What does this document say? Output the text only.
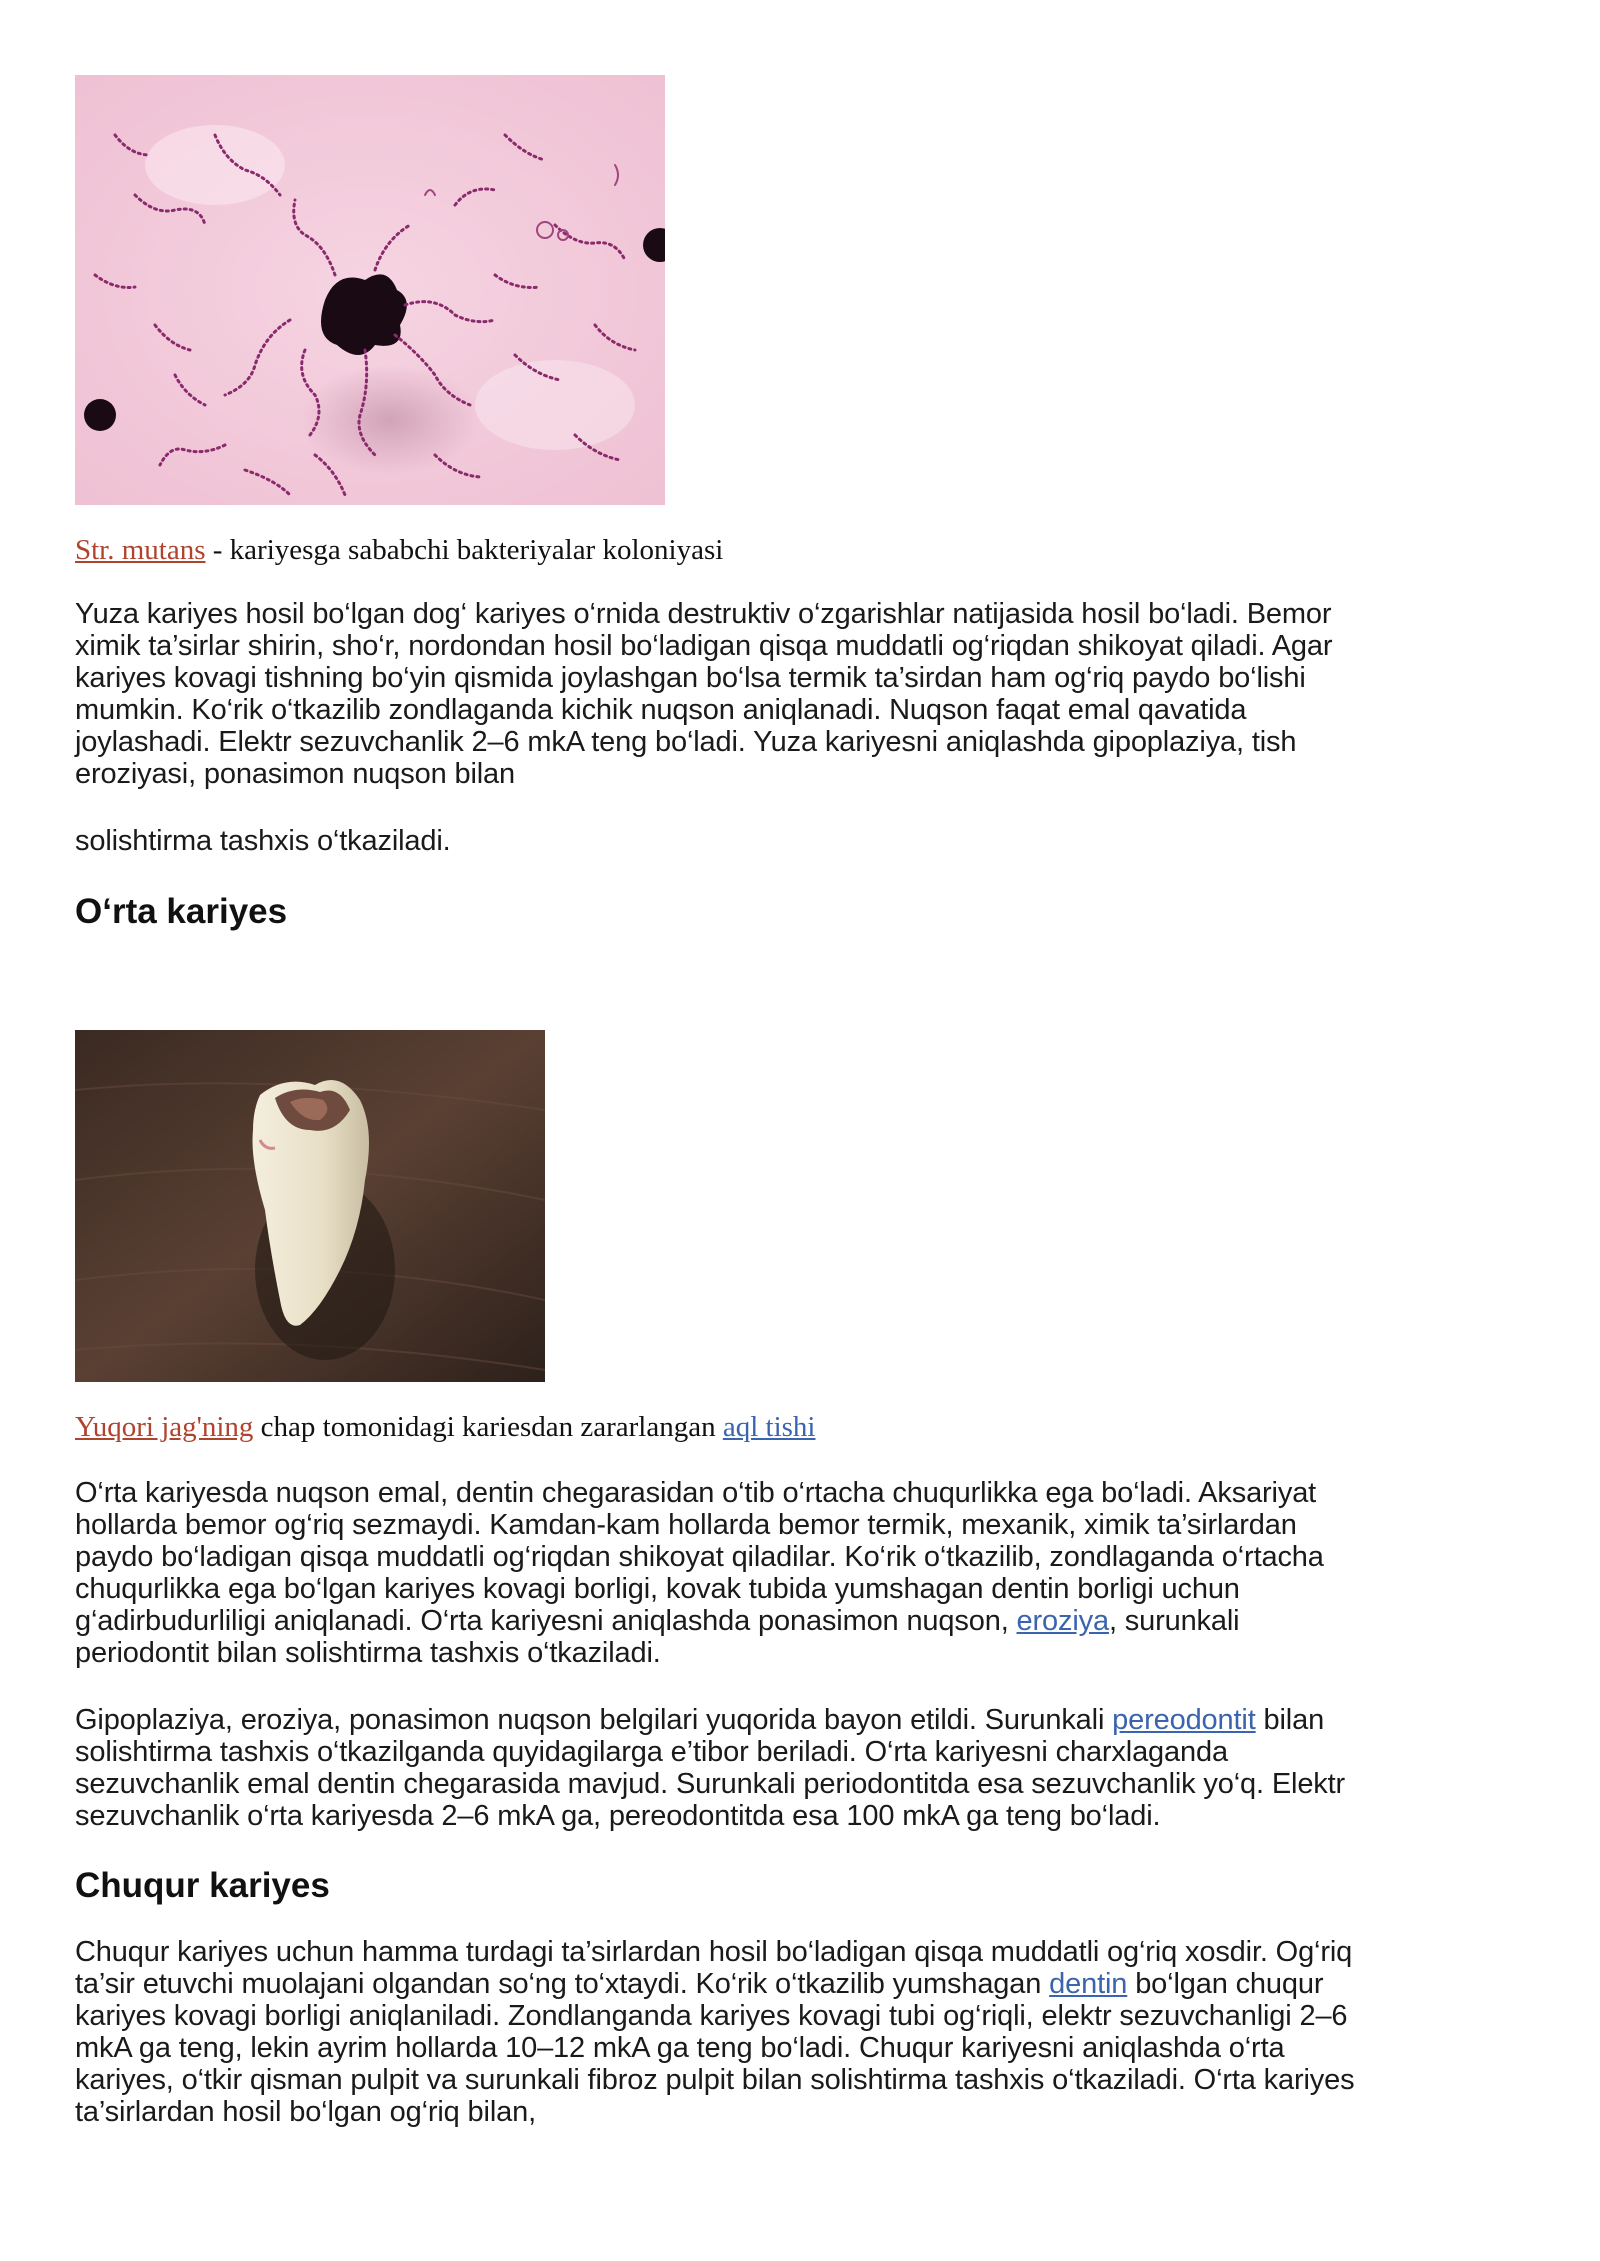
Str. mutans - kariyesga sababchi bakteriyalar koloniyasi
Yuza kariyes hosil bo‘lgan dog‘ kariyes o‘rnida destruktiv o‘zgarishlar natijasida hosil bo‘ladi. Bemor
ximik ta’sirlar shirin, sho‘r, nordondan hosil bo‘ladigan qisqa muddatli og‘riqdan shikoyat qiladi. Agar
kariyes kovagi tishning bo‘yin qismida joylashgan bo‘lsa termik ta’sirdan ham og‘riq paydo bo‘lishi
mumkin. Ko‘rik o‘tkazilib zondlaganda kichik nuqson aniqlanadi. Nuqson faqat emal qavatida
joylashadi. Elektr sezuvchanlik 2–6 mkA teng bo‘ladi. Yuza kariyesni aniqlashda gipoplaziya, tish
eroziyasi, ponasimon nuqson bilan

solishtirma tashxis o‘tkaziladi.

O‘rta kariyes
Yuqori jag'ning chap tomonidagi kariesdan zararlangan aql tishi
O‘rta kariyesda nuqson emal, dentin chegarasidan o‘tib o‘rtacha chuqurlikka ega bo‘ladi. Aksariyat
hollarda bemor og‘riq sezmaydi. Kamdan-kam hollarda bemor termik, mexanik, ximik ta’sirlardan
paydo bo‘ladigan qisqa muddatli og‘riqdan shikoyat qiladilar. Ko‘rik o‘tkazilib, zondlaganda o‘rtacha
chuqurlikka ega bo‘lgan kariyes kovagi borligi, kovak tubida yumshagan dentin borligi uchun
g‘adirbudurliligi aniqlanadi. O‘rta kariyesni aniqlashda ponasimon nuqson, eroziya, surunkali
periodontit bilan solishtirma tashxis o‘tkaziladi.
Gipoplaziya, eroziya, ponasimon nuqson belgilari yuqorida bayon etildi. Surunkali pereodontit bilan
solishtirma tashxis o‘tkazilganda quyidagilarga e’tibor beriladi. O‘rta kariyesni charxlaganda
sezuvchanlik emal dentin chegarasida mavjud. Surunkali periodontitda esa sezuvchanlik yo‘q. Elektr
sezuvchanlik o‘rta kariyesda 2–6 mkA ga, pereodontitda esa 100 mkA ga teng bo‘ladi.
Chuqur kariyes
Chuqur kariyes uchun hamma turdagi ta’sirlardan hosil bo‘ladigan qisqa muddatli og‘riq xosdir. Og‘riq
ta’sir etuvchi muolajani olgandan so‘ng to‘xtaydi. Ko‘rik o‘tkazilib yumshagan dentin bo‘lgan chuqur
kariyes kovagi borligi aniqlaniladi. Zondlanganda kariyes kovagi tubi og‘riqli, elektr sezuvchanligi 2–6
mkA ga teng, lekin ayrim hollarda 10–12 mkA ga teng bo‘ladi. Chuqur kariyesni aniqlashda o‘rta
kariyes, o‘tkir qisman pulpit va surunkali fibroz pulpit bilan solishtirma tashxis o‘tkaziladi. O‘rta kariyes
ta’sirlardan hosil bo‘lgan og‘riq bilan,
